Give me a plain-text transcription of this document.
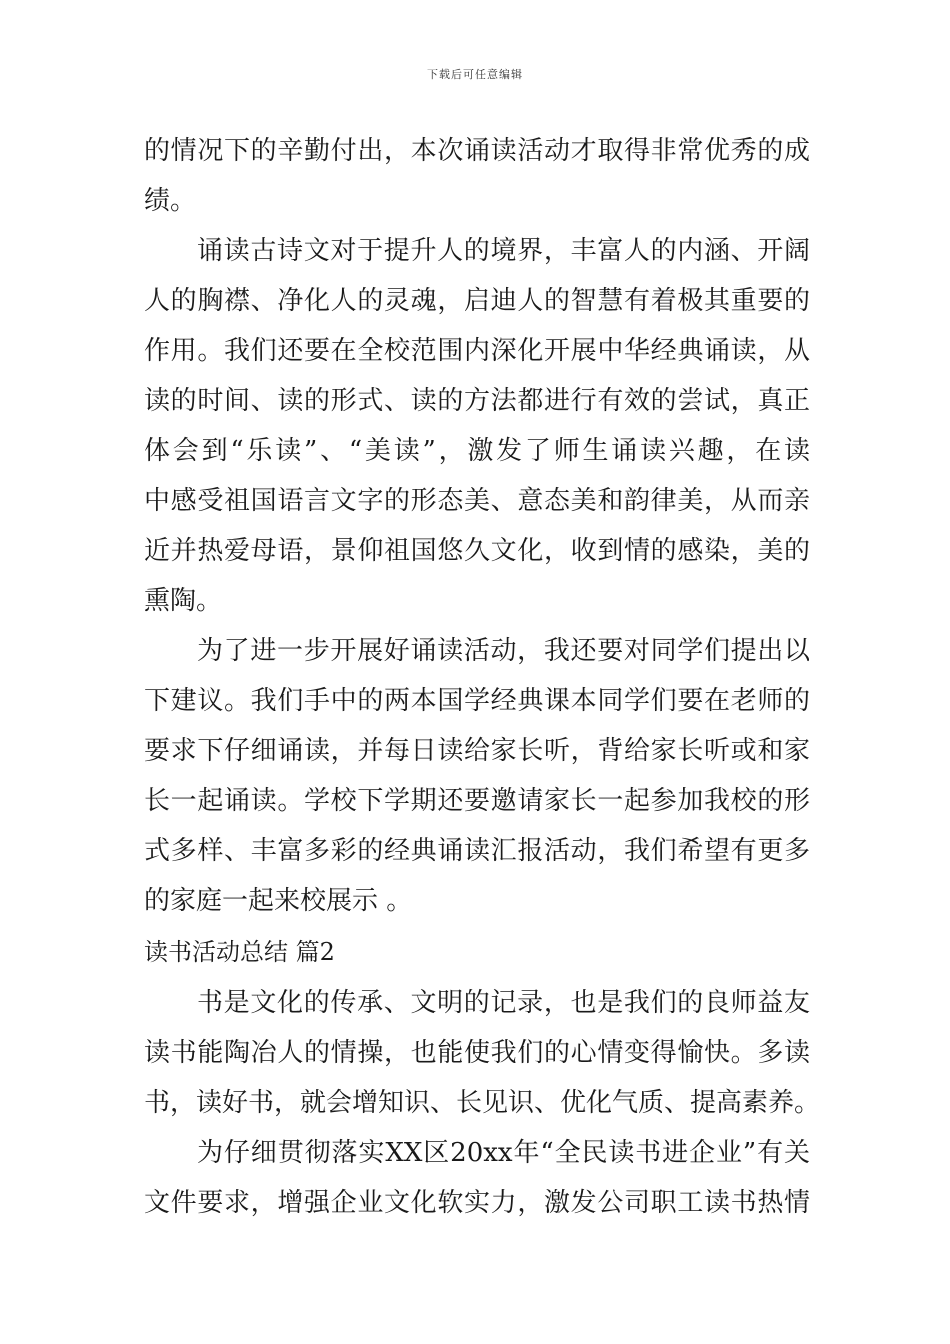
下载后可任意编辑
的情况下的辛勤付出，本次诵读活动才取得非常优秀的成
绩。
诵读古诗文对于提升人的境界，丰富人的内涵、开阔
人的胸襟、净化人的灵魂，启迪人的智慧有着极其重要的
作用。我们还要在全校范围内深化开展中华经典诵读，从
读的时间、读的形式、读的方法都进行有效的尝试，真正
体会到“乐读”、“美读”，激发了师生诵读兴趣，在读
中感受祖国语言文字的形态美、意态美和韵律美，从而亲
近并热爱母语，景仰祖国悠久文化，收到情的感染，美的
熏陶。
为了进一步开展好诵读活动，我还要对同学们提出以
下建议。我们手中的两本国学经典课本同学们要在老师的
要求下仔细诵读，并每日读给家长听，背给家长听或和家
长一起诵读。学校下学期还要邀请家长一起参加我校的形
式多样、丰富多彩的经典诵读汇报活动，我们希望有更多
的家庭一起来校展示 。
读书活动总结 篇2
书是文化的传承、文明的记录，也是我们的良师益友
读书能陶冶人的情操，也能使我们的心情变得愉快。多读
书，读好书，就会增知识、长见识、优化气质、提高素养。
为仔细贯彻落实XX区20xx年“全民读书进企业”有关
文件要求，增强企业文化软实力，激发公司职工读书热情
